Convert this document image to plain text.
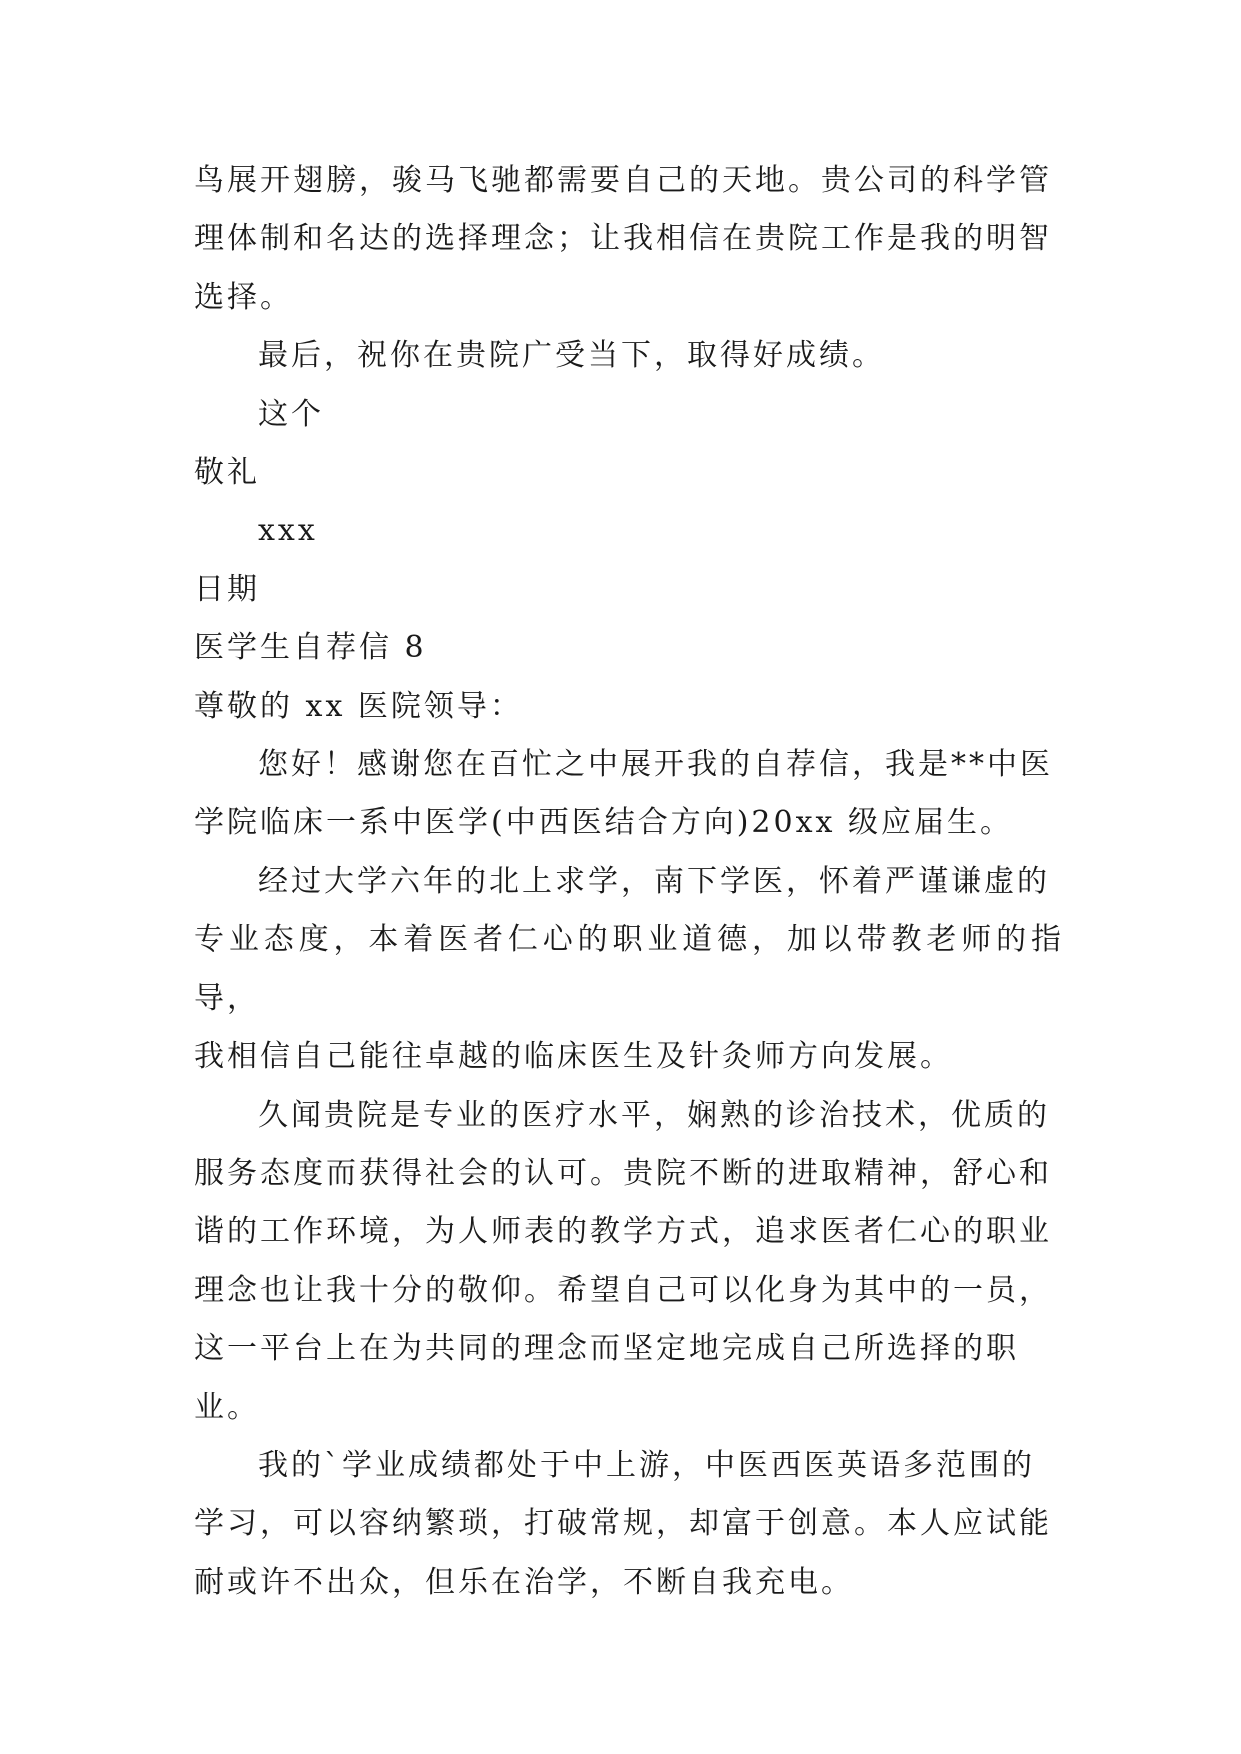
鸟展开翅膀，骏马飞驰都需要自己的天地。贵公司的科学管
理体制和名达的选择理念；让我相信在贵院工作是我的明智
选择。
最后，祝你在贵院广受当下，取得好成绩。
这个
敬礼
xxx
日期
医学生自荐信 8
尊敬的 xx 医院领导：
您好！感谢您在百忙之中展开我的自荐信，我是**中医
学院临床一系中医学(中西医结合方向)20xx 级应届生。
经过大学六年的北上求学，南下学医，怀着严谨谦虚的
专业态度，本着医者仁心的职业道德，加以带教老师的指导，
我相信自己能往卓越的临床医生及针灸师方向发展。
久闻贵院是专业的医疗水平，娴熟的诊治技术，优质的
服务态度而获得社会的认可。贵院不断的进取精神，舒心和
谐的工作环境，为人师表的教学方式，追求医者仁心的职业
理念也让我十分的敬仰。希望自己可以化身为其中的一员，
这一平台上在为共同的理念而坚定地完成自己所选择的职
业。
我的`学业成绩都处于中上游，中医西医英语多范围的
学习，可以容纳繁琐，打破常规，却富于创意。本人应试能
耐或许不出众，但乐在治学，不断自我充电。
